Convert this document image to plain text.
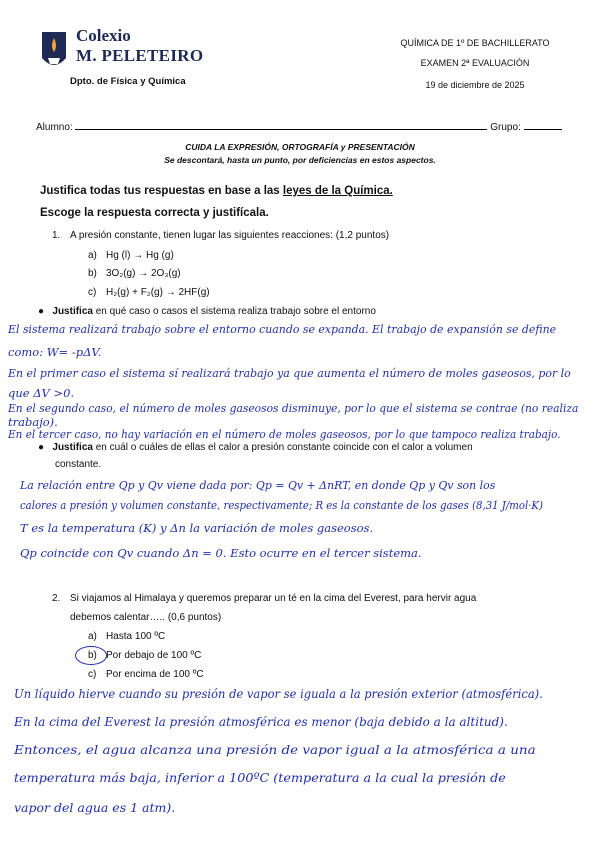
Colexio
M. PELETEIRO
Dpto. de Física y Química
QUÍMICA DE 1º DE BACHILLERATO
EXAMEN 2ª EVALUACIÓN
19 de diciembre de 2025
Alumno:	Grupo:
CUIDA LA EXPRESIÓN, ORTOGRAFÍA y PRESENTACIÓN
Se descontará, hasta un punto, por deficiencias en estos aspectos.
Justifica todas tus respuestas en base a las leyes de la Química.
Escoge la respuesta correcta y justifícala.
1. A presión constante, tienen lugar las siguientes reacciones: (1,2 puntos)
a) Hg (l) → Hg (g)
b) 3O₂(g) → 2O₃(g)
c) H₂(g) + F₂(g) → 2HF(g)
● Justifica en qué caso o casos el sistema realiza trabajo sobre el entorno
El sistema realizará trabajo sobre el entorno cuando se expanda. El trabajo de expansión se define
como: W= -pΔV.
En el primer caso el sistema sí realizará trabajo ya que aumenta el número de moles gaseosos, por lo
que ΔV >0.
En el segundo caso, el número de moles gaseosos disminuye, por lo que el sistema se contrae (no realiza
trabajo).
En el tercer caso, no hay variación en el número de moles gaseosos, por lo que tampoco realiza trabajo.
● Justifica en cuál o cuáles de ellas el calor a presión constante coincide con el calor a volumen
constante.
La relación entre Qp y Qv viene dada por: Qp = Qv + ΔnRT, en donde Qp y Qv son los
calores a presión y volumen constante, respectivamente; R es la constante de los gases (8,31 J/mol·K)
T es la temperatura (K) y Δn la variación de moles gaseosos.
Qp coincide con Qv cuando Δn = 0. Esto ocurre en el tercer sistema.
2. Si viajamos al Himalaya y queremos preparar un té en la cima del Everest, para hervir agua
debemos calentar….. (0,6 puntos)
a) Hasta 100 ºC
b) Por debajo de 100 ºC
c) Por encima de 100 ºC
Un líquido hierve cuando su presión de vapor se iguala a la presión exterior (atmosférica).
En la cima del Everest la presión atmosférica es menor (baja debido a la altitud).
Entonces, el agua alcanza una presión de vapor igual a la atmosférica a una
temperatura más baja, inferior a 100ºC (temperatura a la cual la presión de
vapor del agua es 1 atm).
